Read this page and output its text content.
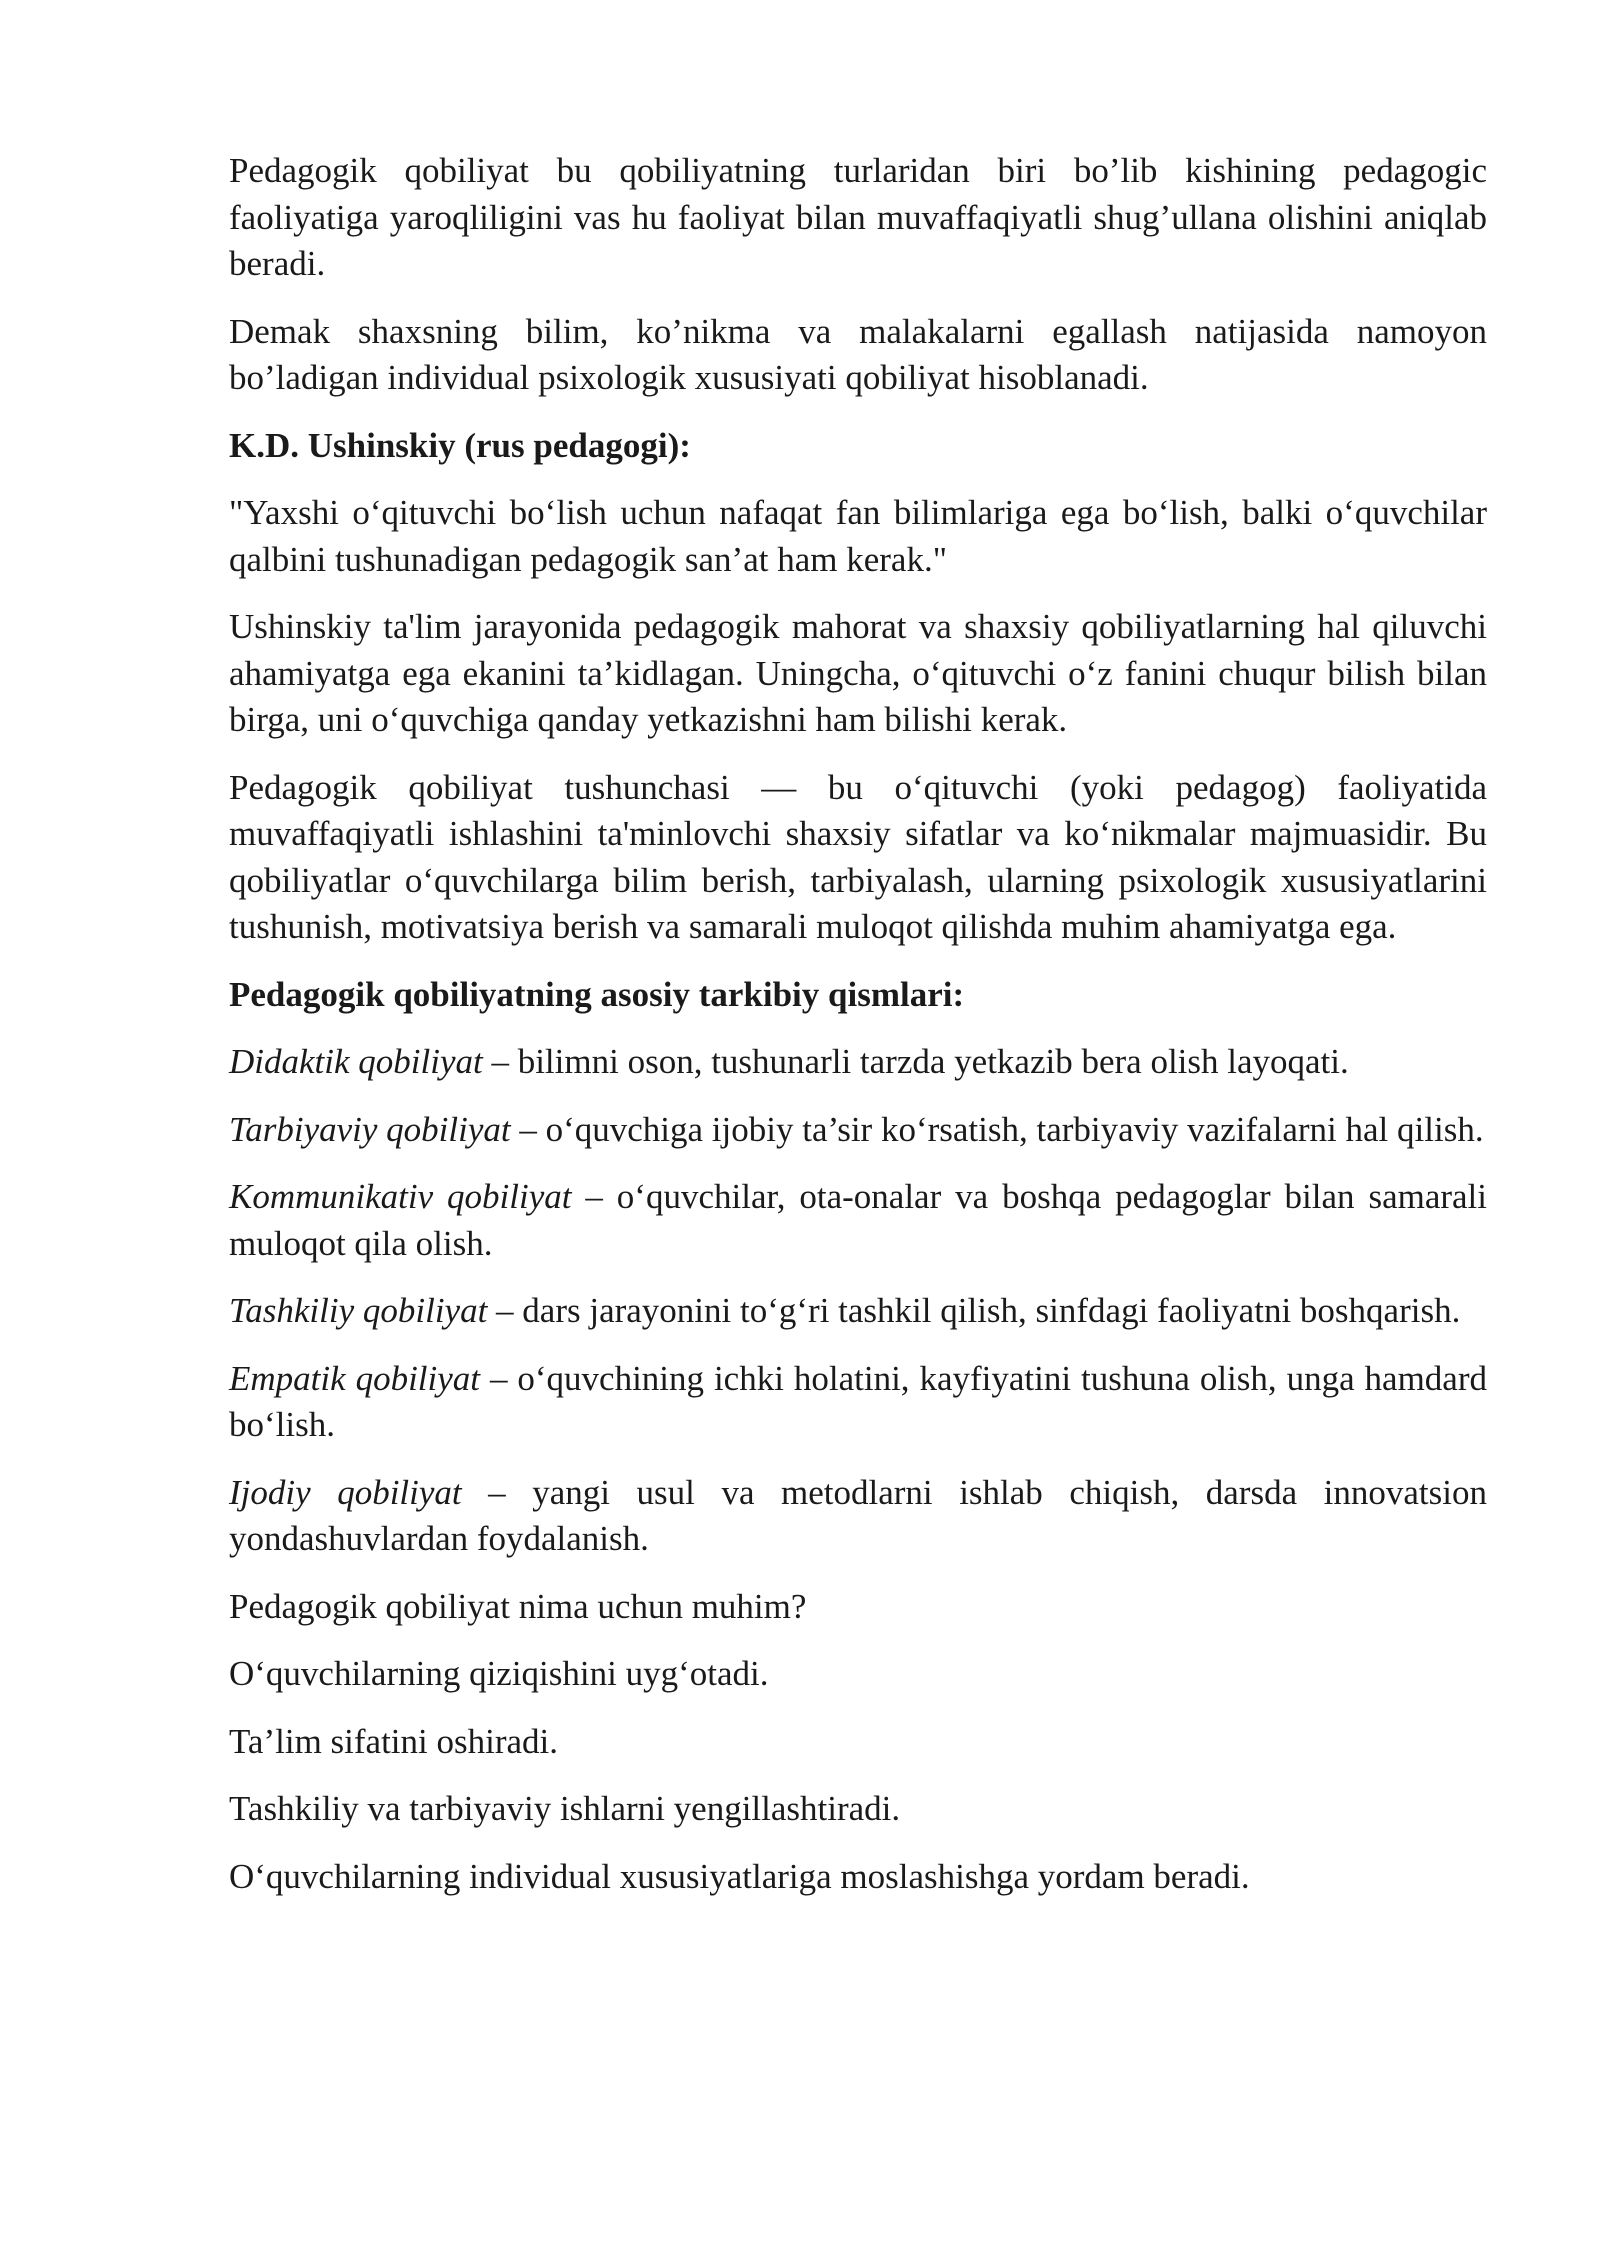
Pedagogik qobiliyat bu qobiliyatning turlaridan biri bo’lib kishining pedagogic faoliyatiga yaroqliligini vas hu faoliyat bilan muvaffaqiyatli shug’ullana olishini aniqlab beradi.

Demak shaxsning bilim, ko’nikma va malakalarni egallash natijasida namoyon bo’ladigan individual psixologik xususiyati qobiliyat hisoblanadi.

K.D. Ushinskiy (rus pedagogi):

"Yaxshi oʻqituvchi boʻlish uchun nafaqat fan bilimlariga ega boʻlish, balki oʻquvchilar qalbini tushunadigan pedagogik san’at ham kerak."

Ushinskiy ta'lim jarayonida pedagogik mahorat va shaxsiy qobiliyatlarning hal qiluvchi ahamiyatga ega ekanini ta’kidlagan. Uningcha, oʻqituvchi oʻz fanini chuqur bilish bilan birga, uni oʻquvchiga qanday yetkazishni ham bilishi kerak.

Pedagogik qobiliyat tushunchasi — bu oʻqituvchi (yoki pedagog) faoliyatida muvaffaqiyatli ishlashini ta'minlovchi shaxsiy sifatlar va koʻnikmalar majmuasidir. Bu qobiliyatlar oʻquvchilarga bilim berish, tarbiyalash, ularning psixologik xususiyatlarini tushunish, motivatsiya berish va samarali muloqot qilishda muhim ahamiyatga ega.

Pedagogik qobiliyatning asosiy tarkibiy qismlari:

Didaktik qobiliyat – bilimni oson, tushunarli tarzda yetkazib bera olish layoqati.

Tarbiyaviy qobiliyat – oʻquvchiga ijobiy ta’sir koʻrsatish, tarbiyaviy vazifalarni hal qilish.

Kommunikativ qobiliyat – oʻquvchilar, ota-onalar va boshqa pedagoglar bilan samarali muloqot qila olish.

Tashkiliy qobiliyat – dars jarayonini toʻgʻri tashkil qilish, sinfdagi faoliyatni boshqarish.

Empatik qobiliyat – oʻquvchining ichki holatini, kayfiyatini tushuna olish, unga hamdard boʻlish.

Ijodiy qobiliyat – yangi usul va metodlarni ishlab chiqish, darsda innovatsion yondashuvlardan foydalanish.

Pedagogik qobiliyat nima uchun muhim?

Oʻquvchilarning qiziqishini uygʻotadi.

Ta’lim sifatini oshiradi.

Tashkiliy va tarbiyaviy ishlarni yengillashtiradi.

Oʻquvchilarning individual xususiyatlariga moslashishga yordam beradi.
